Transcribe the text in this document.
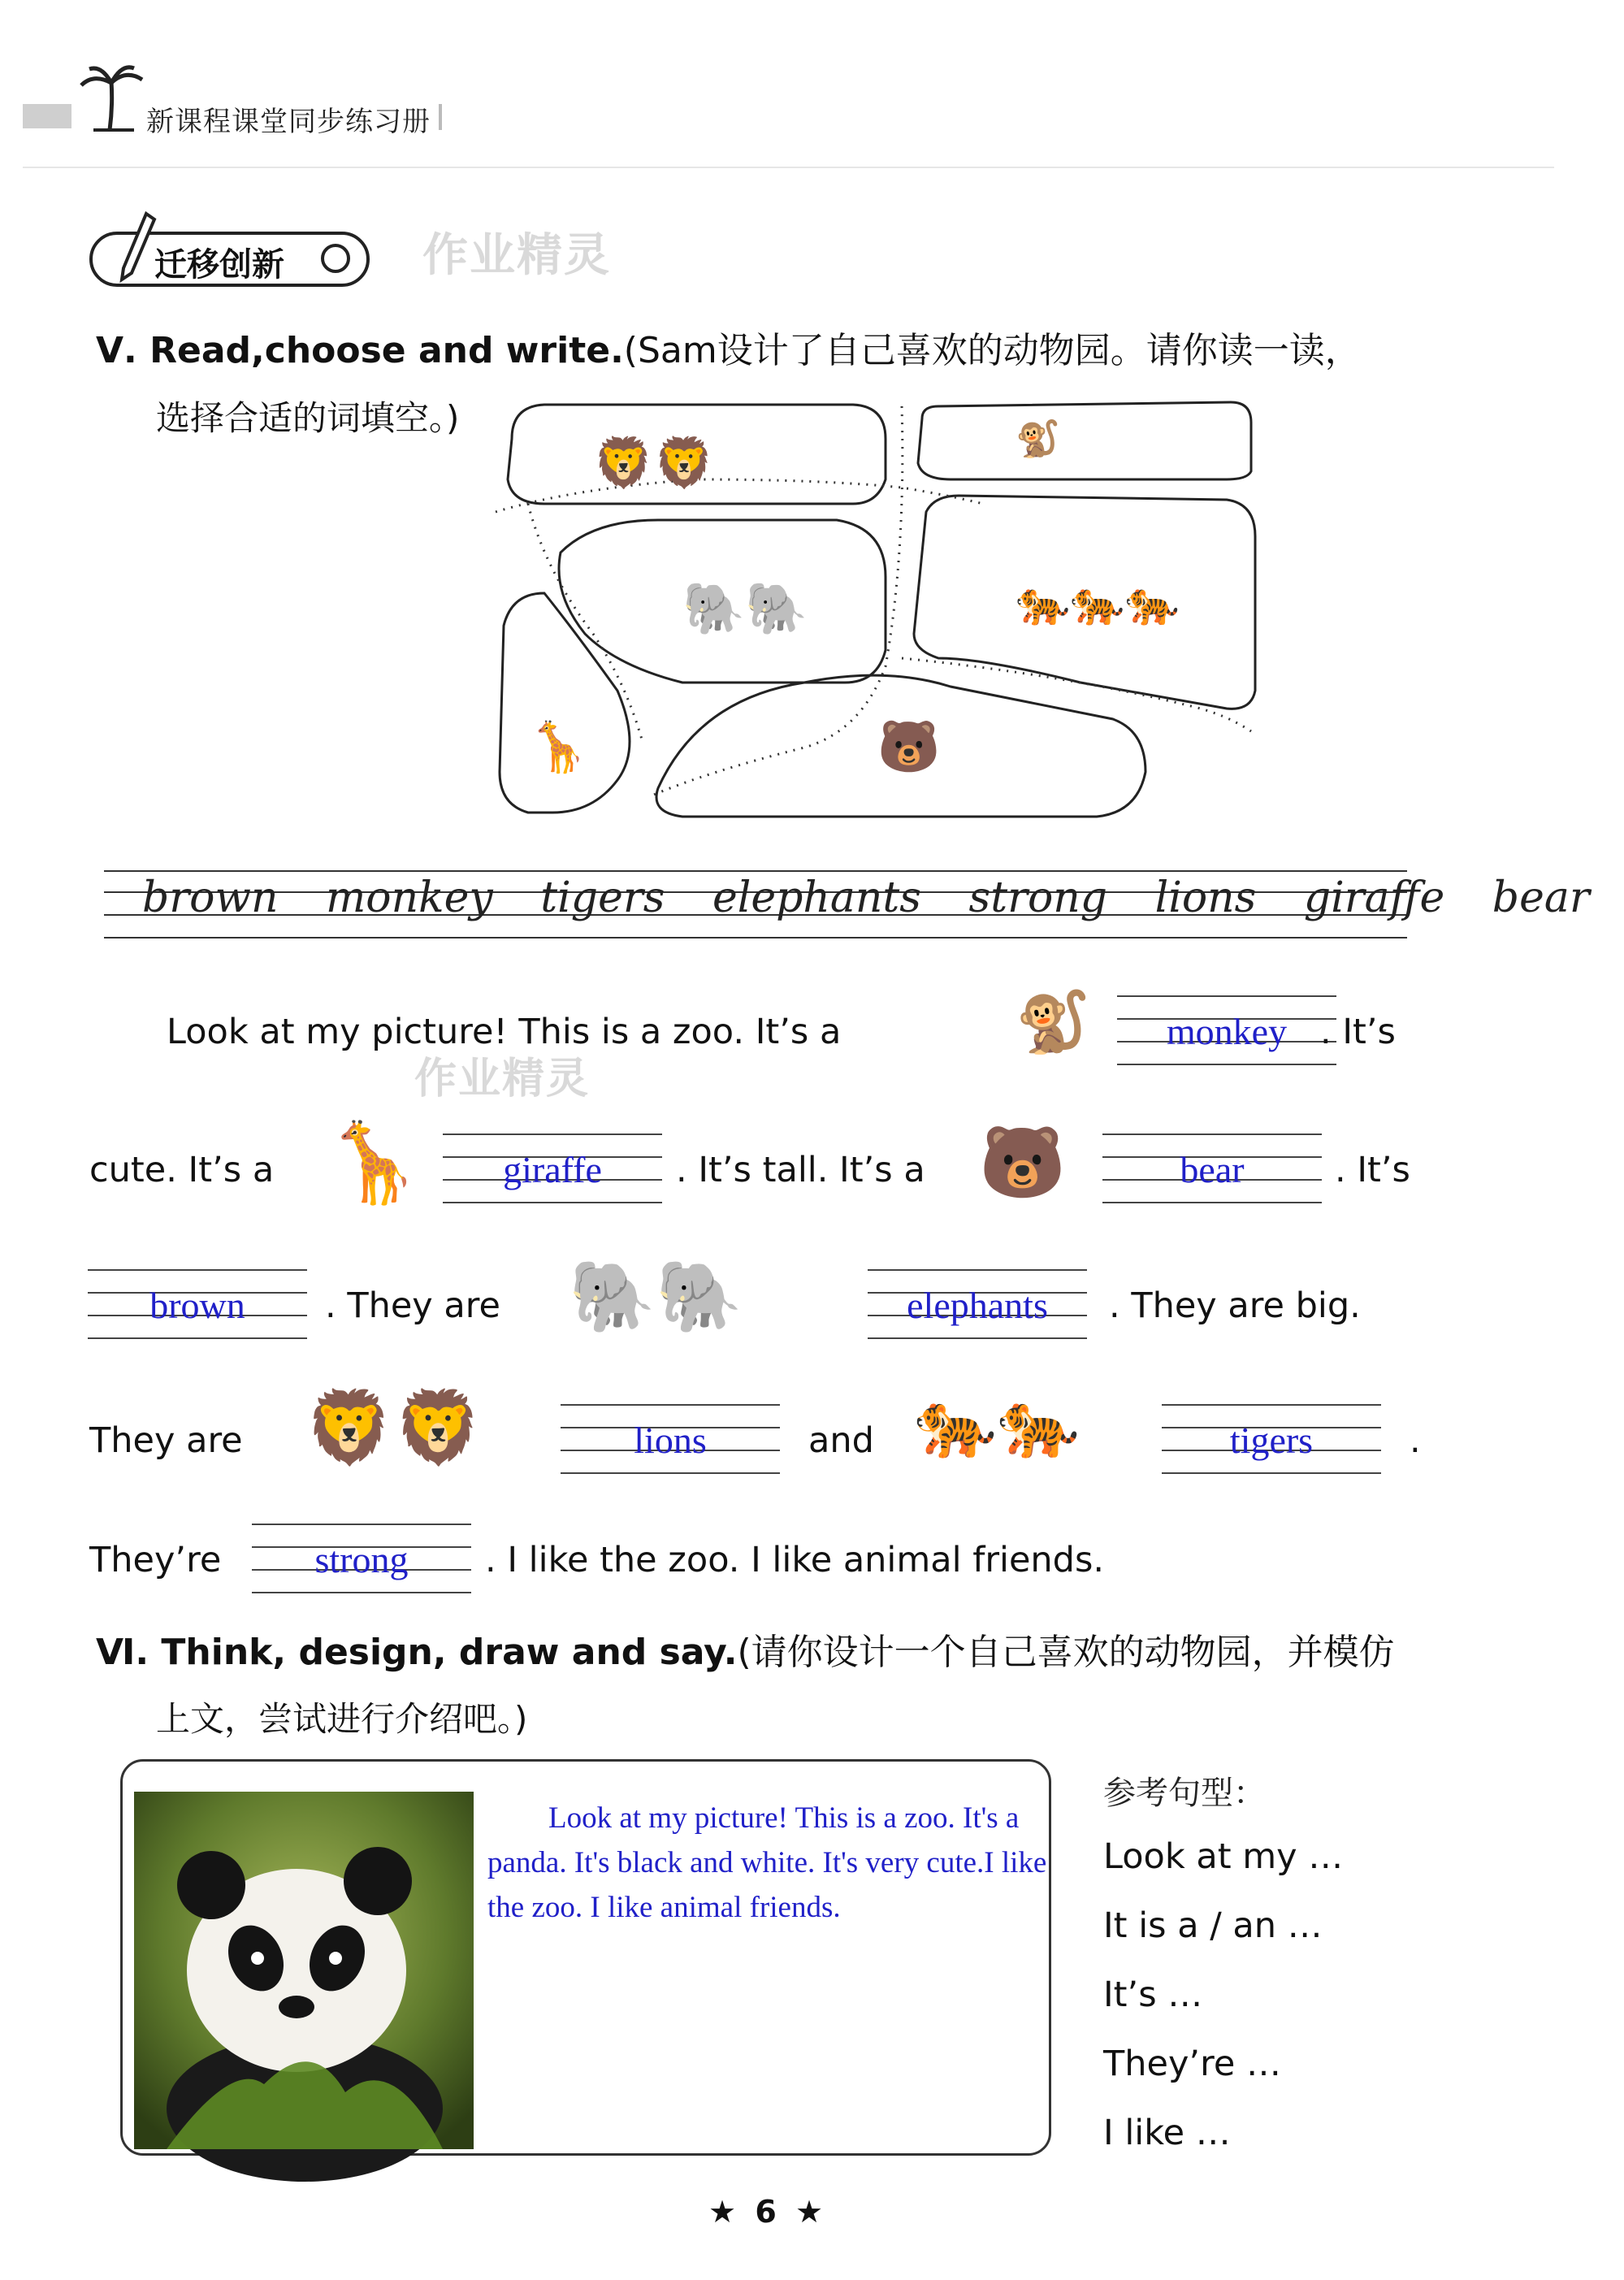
新课程课堂同步练习册
迁移创新	作业精灵
Ⅴ. Read,choose and write.(Sam设计了自己喜欢的动物园。请你读一读，
选择合适的词填空。)
🦁🦁	🐒
🐅🐅🐅
🐘🐘
🦒	🐻
brown monkey tigers elephants strong lions giraffe bear
Look at my picture! This is a zoo. It’s a	🐒	monkey . It’s
作业精灵
cute. It’s a 🦒	giraffe	. It’s tall. It’s a 🐻	bear	. It’s
brown	. They are 🐘🐘	elephants	. They are big.
They are 🦁🦁	lions	and 🐅🐅	tigers	.
They’re	strong	. I like the zoo. I like animal friends.
Ⅵ. Think, design, draw and say.(请你设计一个自己喜欢的动物园，并模仿
上文，尝试进行介绍吧。)
Look at my picture! This is a zoo. It's a panda. It's black and white. It's very cute.I like the zoo. I like animal friends.
参考句型：
Look at my …
It is a / an …
It’s …
They’re …
I like …
★ 6 ★
